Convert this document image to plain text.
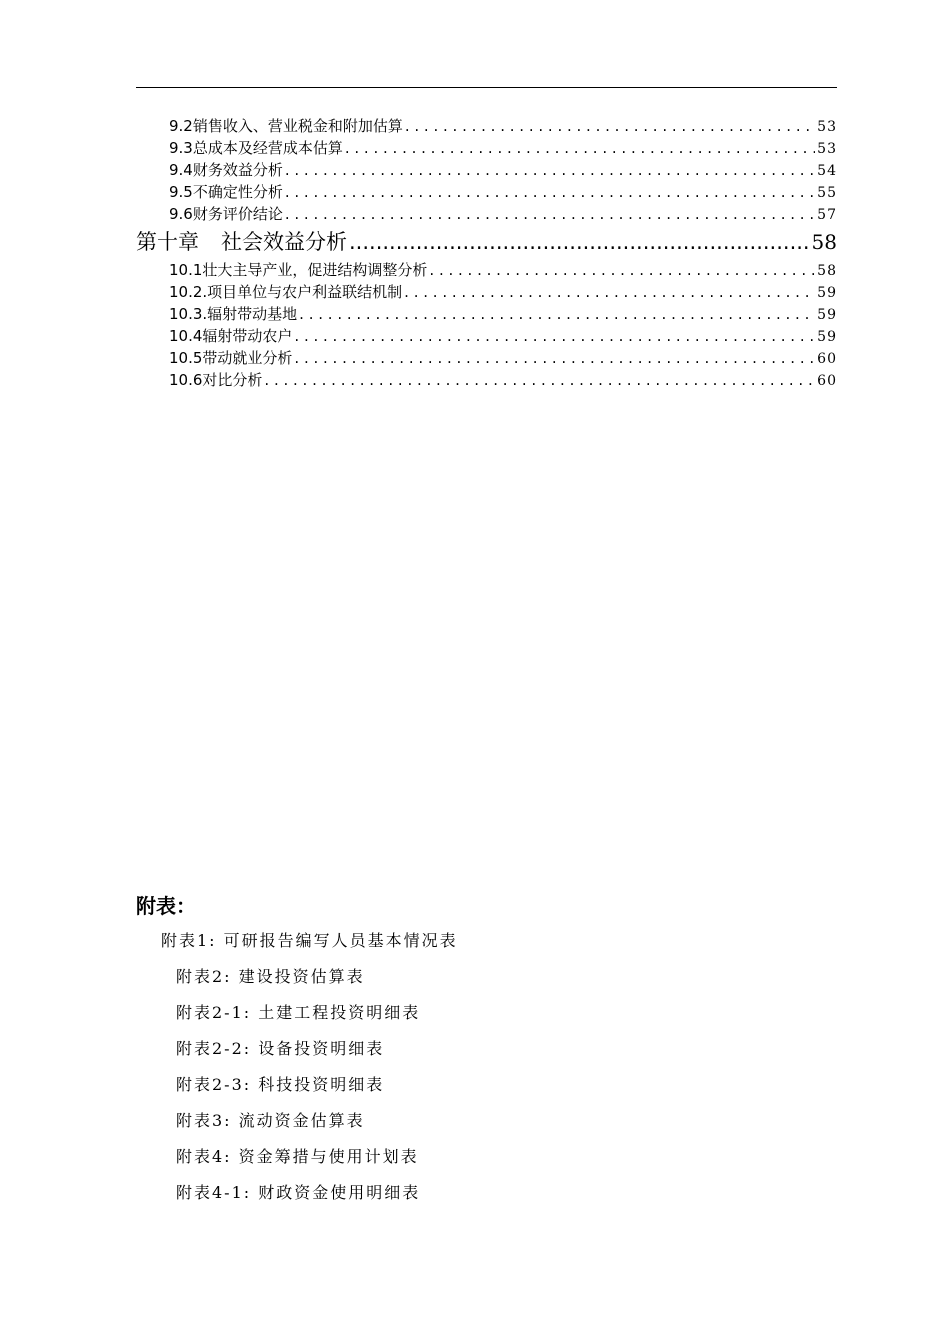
9.2销售收入、营业税金和附加估算 . . .	53
9.3总成本及经营成本估算 . . .	53
9.4财务效益分析 . . .	54
9.5不确定性分析 . . .	55
9.6财务评价结论 . . .	57
第十章 社会效益分析 .....	58
10.1壮大主导产业，促进结构调整分析 . . .	58
10.2.项目单位与农户利益联结机制 . . .	59
10.3.辐射带动基地 . . .	59
10.4辐射带动农户 . . .	59
10.5带动就业分析 . . .	60
10.6对比分析 . . .	60
附表：
附表1: 可研报告编写人员基本情况表
附表2: 建设投资估算表
附表2-1: 土建工程投资明细表
附表2-2: 设备投资明细表
附表2-3: 科技投资明细表
附表3: 流动资金估算表
附表4: 资金筹措与使用计划表
附表4-1: 财政资金使用明细表
